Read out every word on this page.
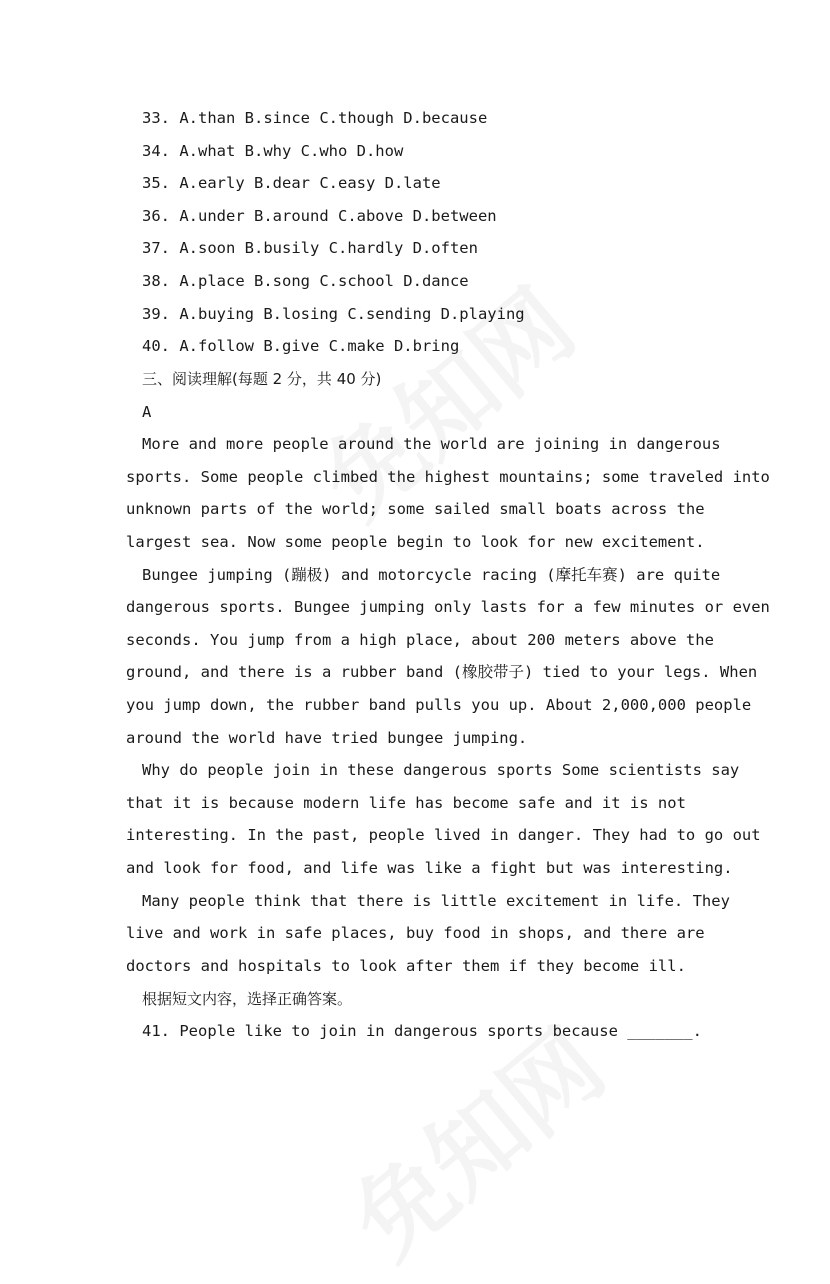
33. A.than B.since C.though D.because
34. A.what B.why C.who D.how
35. A.early B.dear C.easy D.late
36. A.under B.around C.above D.between
37. A.soon B.busily C.hardly D.often
38. A.place B.song C.school D.dance
39. A.buying B.losing C.sending D.playing
40. A.follow B.give C.make D.bring
三、阅读理解(每题 2 分，共 40 分)
A
More and more people around the world are joining in dangerous
sports. Some people climbed the highest mountains; some traveled into
unknown parts of the world; some sailed small boats across the
largest sea. Now some people begin to look for new excitement.
Bungee jumping (蹦极) and motorcycle racing (摩托车赛) are quite
dangerous sports. Bungee jumping only lasts for a few minutes or even
seconds. You jump from a high place, about 200 meters above the
ground, and there is a rubber band (橡胶带子) tied to your legs. When
you jump down, the rubber band pulls you up. About 2,000,000 people
around the world have tried bungee jumping.
Why do people join in these dangerous sports Some scientists say
that it is because modern life has become safe and it is not
interesting. In the past, people lived in danger. They had to go out
and look for food, and life was like a fight but was interesting.
Many people think that there is little excitement in life. They
live and work in safe places, buy food in shops, and there are
doctors and hospitals to look after them if they become ill.
根据短文内容，选择正确答案。
41. People like to join in dangerous sports because _______.
